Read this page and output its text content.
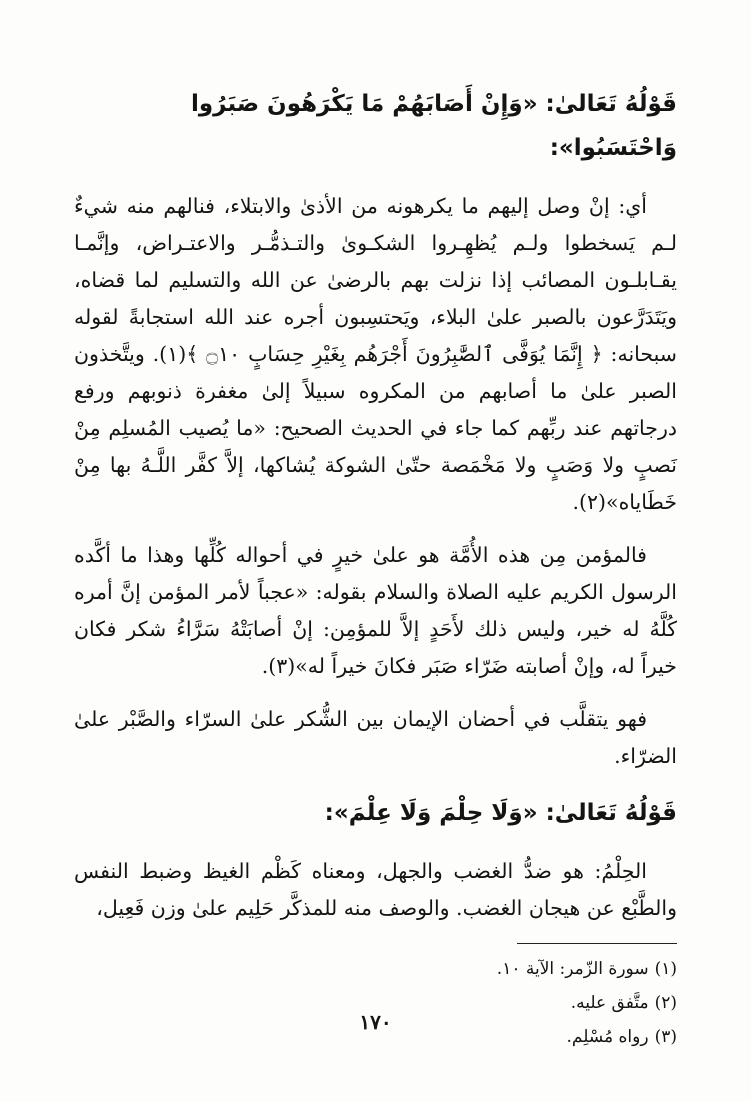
قَوْلُهُ تَعَالىٰ: «وَإِنْ أَصَابَهُمْ مَا يَكْرَهُونَ صَبَرُوا وَاحْتَسَبُوا»:

أي: إنْ وصل إليهم ما يكرهونه من الأذىٰ والابتلاء، فنالهم منه شيءٌ لـم يَسخطوا ولـم يُظهِـروا الشكـوىٰ والتـذمُّـر والاعتـراض، وإنَّمـا يقـابلـون المصائب إذا نزلت بهم بالرضىٰ عن الله والتسليم لما قضاه، ويَتَدَرَّعون بالصبر علىٰ البلاء، ويَحتسِبون أجره عند الله استجابةً لقوله سبحانه: ﴿ إِنَّمَا يُوَفَّى ٱلصَّٰبِرُونَ أَجْرَهُم بِغَيْرِ حِسَابٍ ۝١٠ ﴾(١). ويتَّخذون الصبر علىٰ ما أصابهم من المكروه سبيلاً إلىٰ مغفرة ذنوبهم ورفع درجاتهم عند ربِّهم كما جاء في الحديث الصحيح: «ما يُصيب المُسلِم مِنْ نَصبٍ ولا وَصَبٍ ولا مَخْمَصة حتّىٰ الشوكة يُشاكها، إلاَّ كفَّر اللَّـهُ بها مِنْ خَطَاياه»(٢).

فالمؤمن مِن هذه الأُمَّة هو علىٰ خيرٍ في أحواله كُلِّها وهذا ما أكَّده الرسول الكريم عليه الصلاة والسلام بقوله: «عجباً لأمر المؤمن إنَّ أمره كُلَّهُ له خير، وليس ذلك لأَحَدٍ إلاَّ للمؤمِن: إنْ أصابَتْهُ سَرَّاءُ شكر فكان خيراً له، وإنْ أصابته ضَرّاء صَبَر فكانَ خيراً له»(٣).

فهو يتقلَّب في أحضان الإيمان بين الشُّكر علىٰ السرّاء والصَّبْر علىٰ الضرّاء.

قَوْلُهُ تَعَالىٰ: «وَلَا حِلْمَ وَلَا عِلْمَ»:

الحِلْمُ: هو ضدُّ الغضب والجهل، ومعناه كَظْم الغيظ وضبط النفس والطَّبْع عن هيجان الغضب. والوصف منه للمذكَّر حَلِيم علىٰ وزن فَعِيل،

(١)سورة الزّمر: الآية ١٠.

(٢)متَّفق عليه.

(٣)رواه مُسْلِم.

١٧٠
